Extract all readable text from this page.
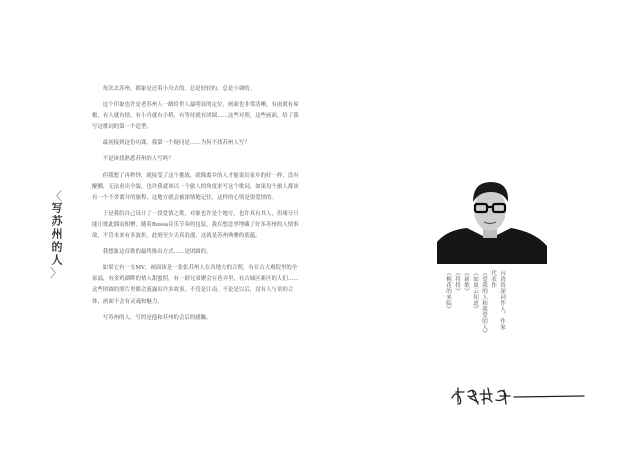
〈
写苏州的人
〉

每次去苏州，都象是还着小舟去的，总是轻轻的，总是小调的。

这个印象也许是老苏州人一路给世人最明显的定位，画面也非常清晰，有雨就有屋檐，有人就有情，有小舟就有小桥，有等待就有团圆……这些对照，这些画面，给了我写这歌词的第一个造型。

最初接到这份功课，我第一个疑问是……为何不找苏州人写？

不是该找熟悉苏州的人写吗？

但我想了再秒钟，就接受了这个挑战，就像离乡的人才能说出家乡的好一样，没有醍醐，无法看出全貌。也许我就该以一个旅人的角度来写这个歌词，如果每个旅人都该有一个不舍离开的旅程，这地方就会被深情地记住，这样的心情是很爱情的。

于是我给自己设计了一段爱情之歌，对象也许是个地方，也许真有其人，但缘分只能让彼此偶而相聚，随着Bossa音乐节奏的包装，我在想念里埋藏了好多苏州的人情事故，不管未来有多波折，此刻至少天真浪漫，这就是苏州典雅的底蕴。

我想象这首歌的最终推出方式……是团圆的。

如果它有一支MV，画面该是一张张苏州人在各地方的合照，有在古大观院里的全家福，有金鸡湖畔的情人甜蜜照，有一群兄弟聚会在巷弄里，有古城区新区的人们……这些团圆的照片里都会流露出许多故事，不管是江南，不论是以后，没有人与景的合体，画面不会有灵魂和魅力。

写苏州的人，写的是他和苏州的会后的感触。	台湾资深词作人、作家
代表作
《爱我的人和我爱的人》
《如果云知道》
《新歌》
《将将》
《梅花的来临》
